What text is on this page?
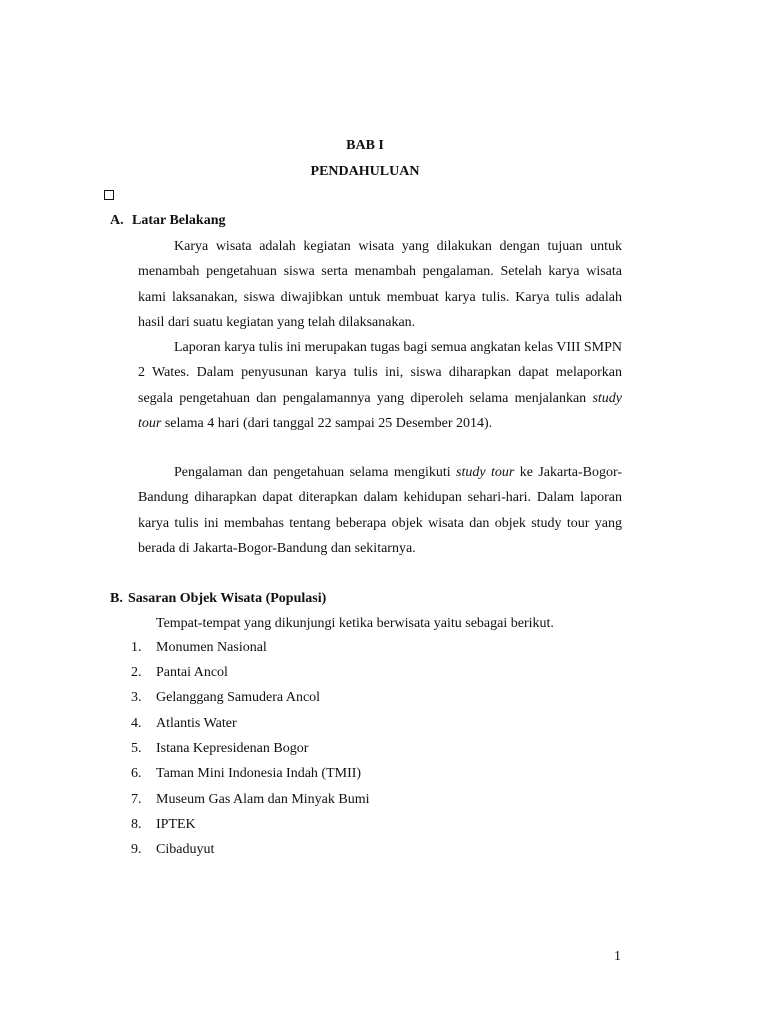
BAB I
PENDAHULUAN
A. Latar Belakang

Karya wisata adalah kegiatan wisata yang dilakukan dengan tujuan untuk menambah pengetahuan siswa serta menambah pengalaman. Setelah karya wisata kami laksanakan, siswa diwajibkan untuk membuat karya tulis. Karya tulis adalah hasil dari suatu kegiatan yang telah dilaksanakan.

Laporan karya tulis ini merupakan tugas bagi semua angkatan kelas VIII SMPN 2 Wates. Dalam penyusunan karya tulis ini, siswa diharapkan dapat melaporkan segala pengetahuan dan pengalamannya yang diperoleh selama menjalankan study tour selama 4 hari (dari tanggal 22 sampai 25 Desember 2014).

Pengalaman dan pengetahuan selama mengikuti study tour ke Jakarta-Bogor-Bandung diharapkan dapat diterapkan dalam kehidupan sehari-hari. Dalam laporan karya tulis ini membahas tentang beberapa objek wisata dan objek study tour yang berada di Jakarta-Bogor-Bandung dan sekitarnya.

B. Sasaran Objek Wisata (Populasi)
Tempat-tempat yang dikunjungi ketika berwisata yaitu sebagai berikut.
1. Monumen Nasional
2. Pantai Ancol
3. Gelanggang Samudera Ancol
4. Atlantis Water
5. Istana Kepresidenan Bogor
6. Taman Mini Indonesia Indah (TMII)
7. Museum Gas Alam dan Minyak Bumi
8. IPTEK
9. Cibaduyut
1
